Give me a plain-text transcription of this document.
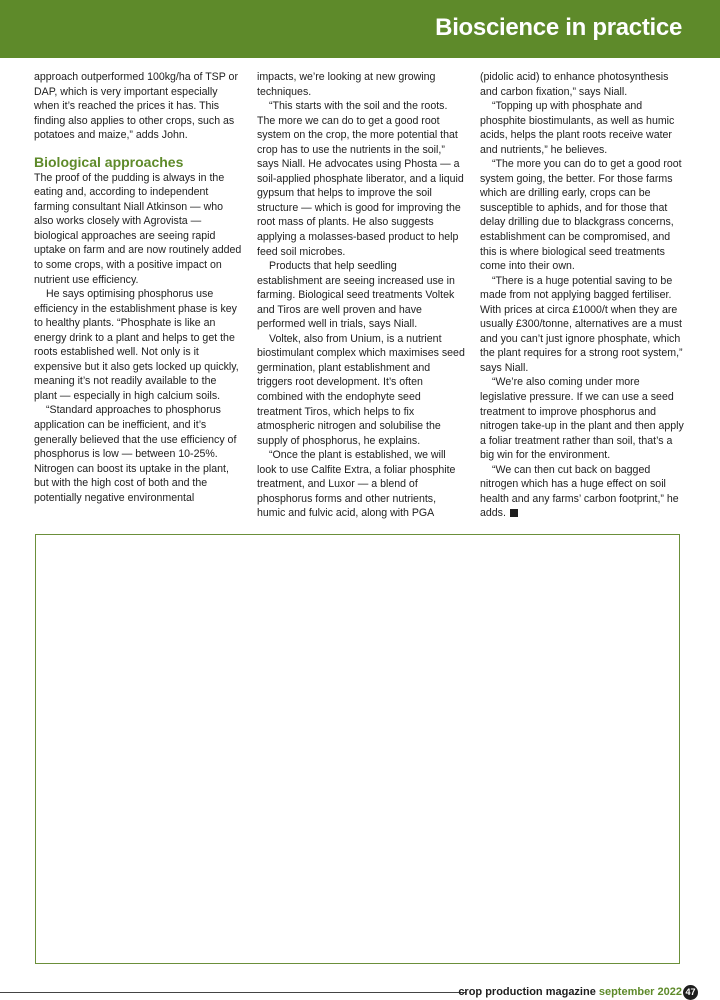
Bioscience in practice

approach outperformed 100kg/ha of TSP or DAP, which is very important especially when it’s reached the prices it has. This finding also applies to other crops, such as potatoes and maize,” adds John.

Biological approaches

The proof of the pudding is always in the eating and, according to independent farming consultant Niall Atkinson — who also works closely with Agrovista — biological approaches are seeing rapid uptake on farm and are now routinely added to some crops, with a positive impact on nutrient use efficiency.

He says optimising phosphorus use efficiency in the establishment phase is key to healthy plants. “Phosphate is like an energy drink to a plant and helps to get the roots established well. Not only is it expensive but it also gets locked up quickly, meaning it’s not readily available to the plant — especially in high calcium soils.

“Standard approaches to phosphorus application can be inefficient, and it’s generally believed that the use efficiency of phosphorus is low — between 10-25%. Nitrogen can boost its uptake in the plant, but with the high cost of both and the potentially negative environmental

impacts, we’re looking at new growing techniques.

“This starts with the soil and the roots. The more we can do to get a good root system on the crop, the more potential that crop has to use the nutrients in the soil,” says Niall. He advocates using Phosta — a soil-applied phosphate liberator, and a liquid gypsum that helps to improve the soil structure — which is good for improving the root mass of plants. He also suggests applying a molasses-based product to help feed soil microbes.

Products that help seedling establishment are seeing increased use in farming. Biological seed treatments Voltek and Tiros are well proven and have performed well in trials, says Niall.

Voltek, also from Unium, is a nutrient biostimulant complex which maximises seed germination, plant establishment and triggers root development. It’s often combined with the endophyte seed treatment Tiros, which helps to fix atmospheric nitrogen and solubilise the supply of phosphorus, he explains.

“Once the plant is established, we will look to use Calfite Extra, a foliar phosphite treatment, and Luxor — a blend of phosphorus forms and other nutrients, humic and fulvic acid, along with PGA

(pidolic acid) to enhance photosynthesis and carbon fixation,” says Niall.

“Topping up with phosphate and phosphite biostimulants, as well as humic acids, helps the plant roots receive water and nutrients,” he believes.

“The more you can do to get a good root system going, the better. For those farms which are drilling early, crops can be susceptible to aphids, and for those that delay drilling due to blackgrass concerns, establishment can be compromised, and this is where biological seed treatments come into their own.

“There is a huge potential saving to be made from not applying bagged fertiliser. With prices at circa £1000/t when they are usually £300/tonne, alternatives are a must and you can’t just ignore phosphate, which the plant requires for a strong root system,” says Niall.

“We’re also coming under more legislative pressure. If we can use a seed treatment to improve phosphorus and nitrogen take-up in the plant and then apply a foliar treatment rather than soil, that’s a big win for the environment.

“We can then cut back on bagged nitrogen which has a huge effect on soil health and any farms’ carbon footprint,” he adds.

crop production magazine september 2022 47
